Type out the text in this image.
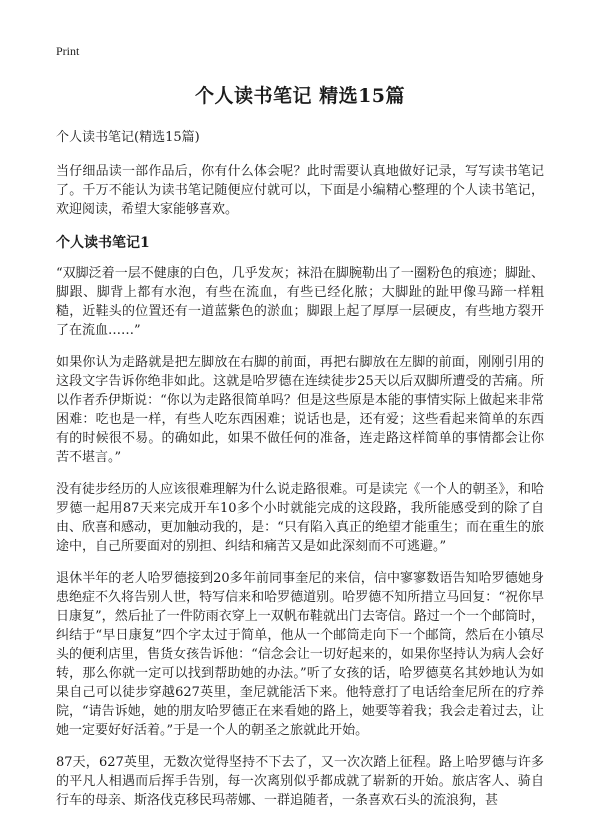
Print
个人读书笔记 精选15篇

个人读书笔记(精选15篇)

当仔细品读一部作品后，你有什么体会呢？此时需要认真地做好记录，写写读书笔记了。千万不能认为读书笔记随便应付就可以，下面是小编精心整理的个人读书笔记，欢迎阅读，希望大家能够喜欢。

个人读书笔记1

“双脚泛着一层不健康的白色，几乎发灰；袜沿在脚腕勒出了一圈粉色的痕迹；脚趾、脚跟、脚背上都有水泡，有些在流血，有些已经化脓；大脚趾的趾甲像马蹄一样粗糙，近鞋头的位置还有一道蓝紫色的淤血；脚跟上起了厚厚一层硬皮，有些地方裂开了在流血……”

如果你认为走路就是把左脚放在右脚的前面，再把右脚放在左脚的前面，刚刚引用的这段文字告诉你绝非如此。这就是哈罗德在连续徒步25天以后双脚所遭受的苦痛。所以作者乔伊斯说：“你以为走路很简单吗？但是这些原是本能的事情实际上做起来非常困难：吃也是一样，有些人吃东西困难；说话也是，还有爱；这些看起来简单的东西有的时候很不易。的确如此，如果不做任何的准备，连走路这样简单的事情都会让你苦不堪言。”

没有徒步经历的人应该很难理解为什么说走路很难。可是读完《一个人的朝圣》，和哈罗德一起用87天来完成开车10多个小时就能完成的这段路，我所能感受到的除了自由、欣喜和感动，更加触动我的，是：“只有陷入真正的绝望才能重生；而在重生的旅途中，自己所要面对的别担、纠结和痛苦又是如此深刻而不可逃避。”

退休半年的老人哈罗德接到20多年前同事奎尼的来信，信中寥寥数语告知哈罗德她身患绝症不久将告别人世，特写信来和哈罗德道别。哈罗德不知所措立马回复：“祝你早日康复”，然后扯了一件防雨衣穿上一双帆布鞋就出门去寄信。路过一个一个邮筒时，纠结于“早日康复”四个字太过于简单，他从一个邮筒走向下一个邮筒，然后在小镇尽头的便利店里，售货女孩告诉他：“信念会让一切好起来的，如果你坚持认为病人会好转，那么你就一定可以找到帮助她的办法。”听了女孩的话，哈罗德莫名其妙地认为如果自己可以徒步穿越627英里，奎尼就能活下来。他特意打了电话给奎尼所在的疗养院，“请告诉她，她的朋友哈罗德正在来看她的路上，她要等着我；我会走着过去，让她一定要好好活着。”于是一个人的朝圣之旅就此开始。

87天，627英里，无数次觉得坚持不下去了，又一次次踏上征程。路上哈罗德与许多的平凡人相遇而后挥手告别，每一次离别似乎都成就了崭新的开始。旅店客人、骑自行车的母亲、斯洛伐克移民玛蒂娜、一群追随者，一条喜欢石头的流浪狗，甚
